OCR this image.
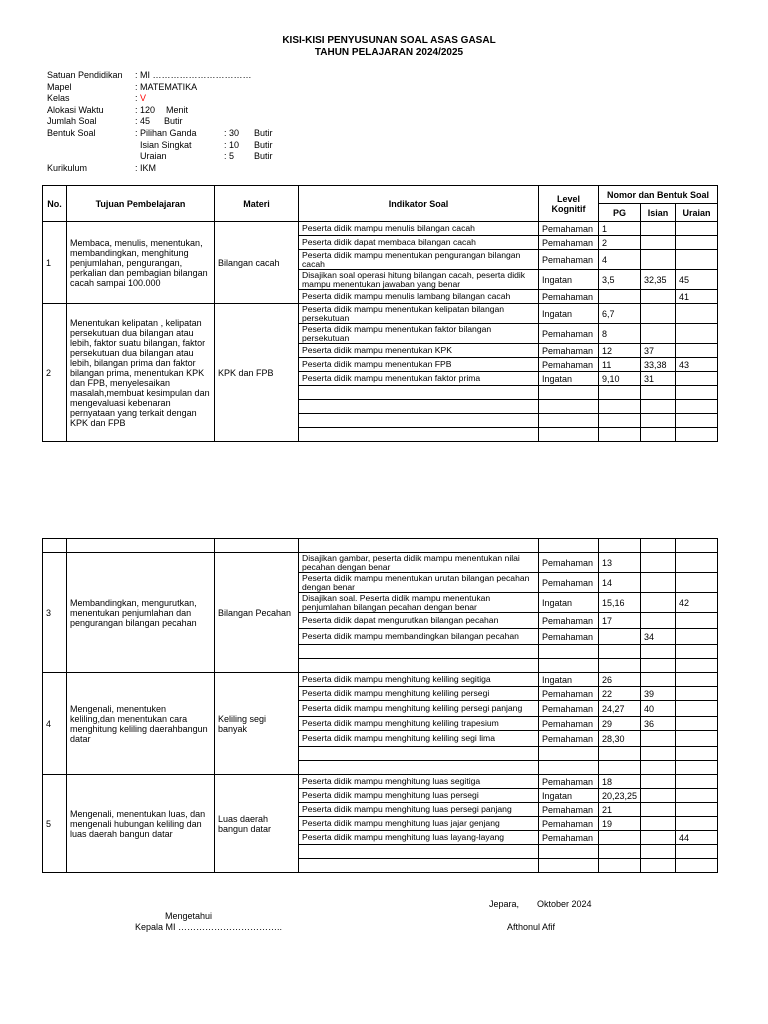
KISI-KISI PENYUSUNAN SOAL ASAS GASAL
TAHUN PELAJARAN 2024/2025
Satuan Pendidikan : MI ……………………………
Mapel	: MATEMATIKA
Kelas	: V
Alokasi Waktu	: 120 Menit
Jumlah Soal	: 45 Butir
Bentuk Soal	: Pilihan Ganda	: 30 Butir
Isian Singkat	: 10 Butir
Uraian	: 5 Butir
Kurikulum	: IKM
No.	Tujuan Pembelajaran	Materi	Indikator Soal	Level
Kognitif	Nomor dan Bentuk Soal		
					PG	Isian	Uraian
1	Membaca, menulis, menentukan, membandingkan, menghitung penjumlahan, pengurangan, perkalian dan pembagian bilangan cacah sampai 100.000	Bilangan cacah	Peserta didik mampu menulis bilangan cacah	Pemahaman	1		
			Peserta didik dapat membaca bilangan cacah	Pemahaman	2		
			Peserta didik mampu menentukan pengurangan bilangan cacah	Pemahaman	4		
			Disajikan soal operasi hitung bilangan cacah, peserta didik mampu menentukan jawaban yang benar	Ingatan	3,5	32,35	45
			Peserta didik mampu menulis lambang bilangan cacah	Pemahaman			41
2	Menentukan kelipatan , kelipatan persekutuan dua bilangan atau lebih, faktor suatu bilangan, faktor persekutuan dua bilangan atau lebih, bilangan prima dan faktor bilangan prima, menentukan KPK dan FPB, menyelesaikan masalah,membuat kesimpulan dan mengevaluasi kebenaran pernyataan yang terkait dengan KPK dan FPB	KPK dan FPB	Peserta didik mampu menentukan kelipatan bilangan persekutuan	Ingatan	6,7		
			Peserta didik mampu menentukan faktor bilangan persekutuan	Pemahaman	8		
			Peserta didik mampu menentukan KPK	Pemahaman	12	37	
			Peserta didik mampu menentukan FPB	Pemahaman	11	33,38	43
			Peserta didik mampu menentukan faktor prima	Ingatan	9,10	31	

3	Membandingkan, mengurutkan, menentukan penjumlahan dan pengurangan bilangan pecahan	Bilangan Pecahan	Disajikan gambar, peserta didik mampu menentukan nilai pecahan dengan benar	Pemahaman	13		
			Peserta didik mampu menentukan urutan bilangan pecahan dengan benar	Pemahaman	14		
			Disajikan soal. Peserta didik mampu menentukan penjumlahan bilangan pecahan dengan benar	Ingatan	15,16		42
			Peserta didik dapat mengurutkan bilangan pecahan	Pemahaman	17		
			Peserta didik mampu membandingkan bilangan pecahan	Pemahaman		34	

4	Mengenali, menentuken keliling,dan menentukan cara menghitung keliling daerahbangun datar	Keliling segi banyak	Peserta didik mampu menghitung keliling segitiga	Ingatan	26		
			Peserta didik mampu menghitung keliling persegi	Pemahaman	22	39	
			Peserta didik mampu menghitung keliling persegi panjang	Pemahaman	24,27	40	
			Peserta didik mampu menghitung keliling trapesium	Pemahaman	29	36	
			Peserta didik mampu menghitung keliling segi lima	Pemahaman	28,30		

5	Mengenali, menentukan luas, dan mengenali hubungan keliling dan luas daerah bangun datar	Luas daerah bangun datar	Peserta didik mampu menghitung luas segitiga	Pemahaman	18		
			Peserta didik mampu menghitung luas persegi	Ingatan	20,23,25		
			Peserta didik mampu menghitung luas persegi panjang	Pemahaman	21		
			Peserta didik mampu menghitung luas jajar genjang	Pemahaman	19		
			Peserta didik mampu menghitung luas layang-layang	Pemahaman			44

Jepara, Oktober 2024
Mengetahui
Kepala MI ……………………………..	Afthonul Afif
